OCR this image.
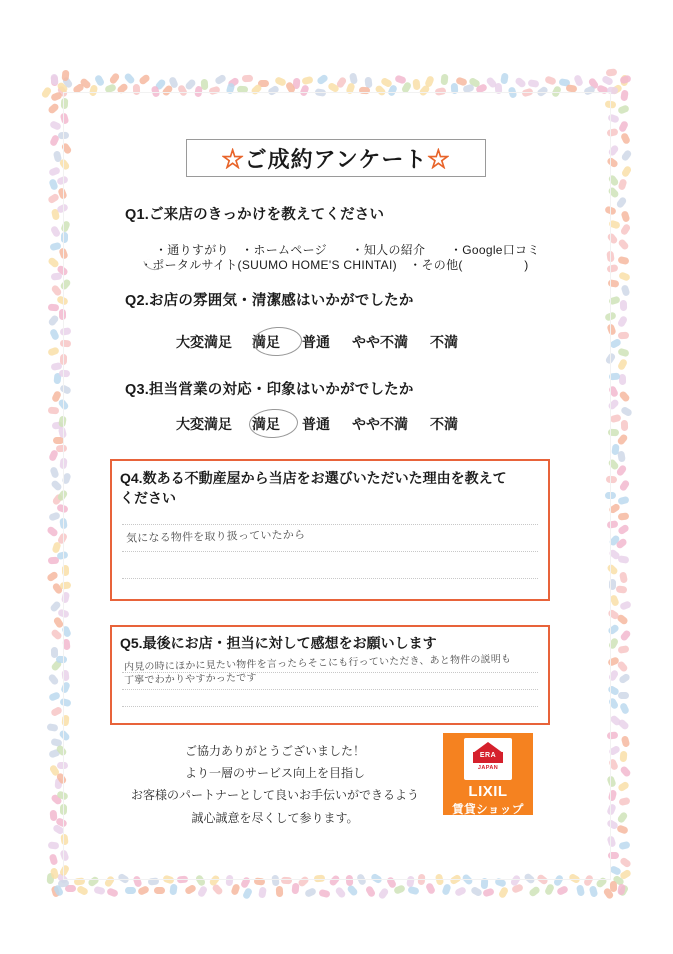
☆ご成約アンケート☆
Q1.ご来店のきっかけを教えてください
・通りすがり　・ホームページ　　・知人の紹介　　・Google口コミ
・ポータルサイト(SUUMO HOME'S CHINTAI)　・その他(　　　　　)
Q2.お店の雰囲気・清潔感はいかがでしたか
大変満足 満足 普通 やや不満 不満
Q3.担当営業の対応・印象はいかがでしたか
大変満足 満足 普通 やや不満 不満
Q4.数ある不動産屋から当店をお選びいただいた理由を教えて
ください
気になる物件を取り扱っていたから
Q5.最後にお店・担当に対して感想をお願いします
内見の時にほかに見たい物件を言ったらそこにも行っていただき、あと物件の説明も
丁寧でわかりやすかったです
ご協力ありがとうございました！
より一層のサービス向上を目指し
お客様のパートナーとして良いお手伝いができるよう
誠心誠意を尽くして参ります。
ERA
JAPAN
LIXIL
賃貸ショップ
